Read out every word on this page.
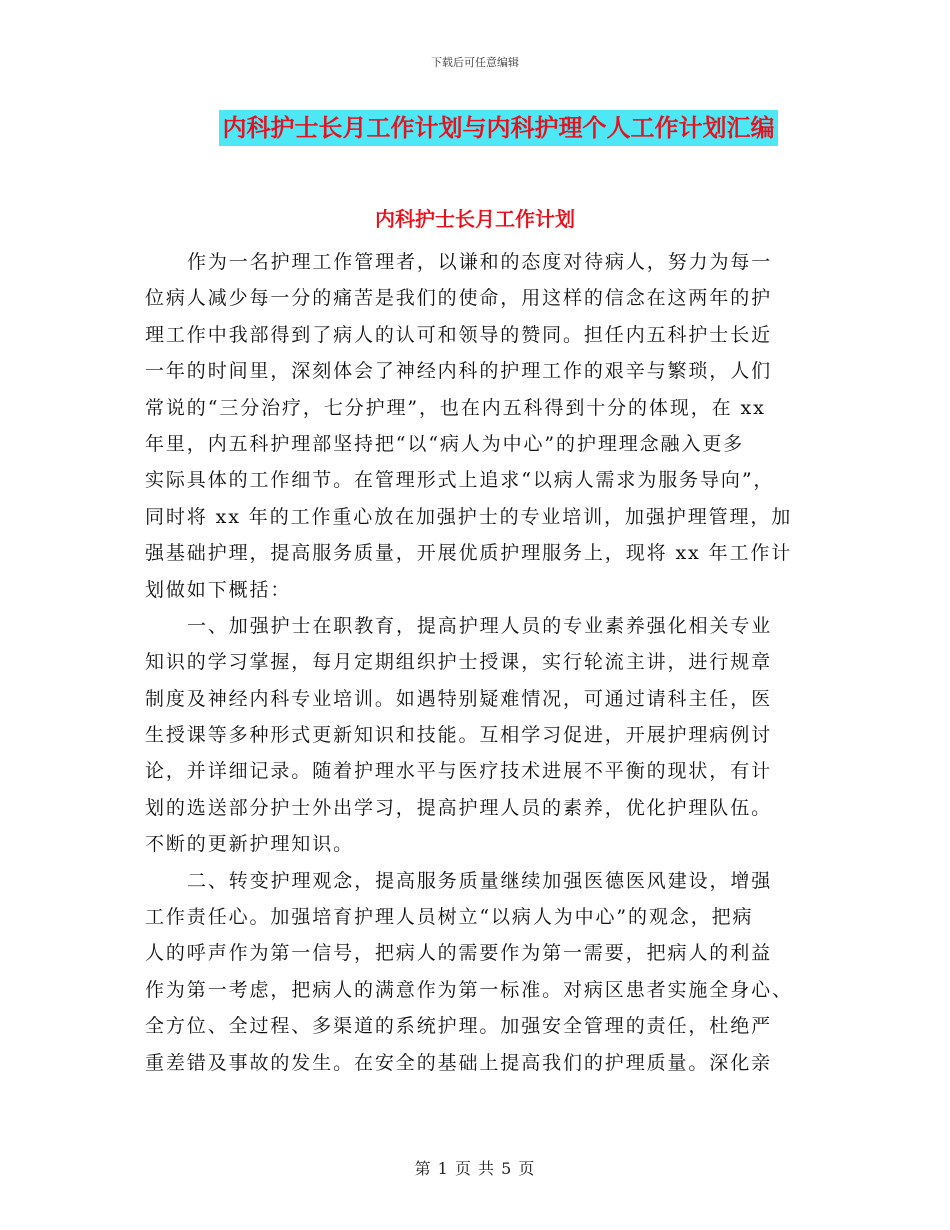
下载后可任意编辑
内科护士长月工作计划与内科护理个人工作计划汇编
内科护士长月工作计划
作为一名护理工作管理者，以谦和的态度对待病人，努力为每一
位病人减少每一分的痛苦是我们的使命，用这样的信念在这两年的护
理工作中我部得到了病人的认可和领导的赞同。担任内五科护士长近
一年的时间里，深刻体会了神经内科的护理工作的艰辛与繁琐，人们
常说的“三分治疗，七分护理”，也在内五科得到十分的体现，在 xx
年里，内五科护理部坚持把“以“病人为中心”的护理理念融入更多
实际具体的工作细节。在管理形式上追求“以病人需求为服务导向”，
同时将 xx 年的工作重心放在加强护士的专业培训，加强护理管理，加
强基础护理，提高服务质量，开展优质护理服务上，现将 xx 年工作计
划做如下概括：
一、加强护士在职教育，提高护理人员的专业素养强化相关专业
知识的学习掌握，每月定期组织护士授课，实行轮流主讲，进行规章
制度及神经内科专业培训。如遇特别疑难情况，可通过请科主任，医
生授课等多种形式更新知识和技能。互相学习促进，开展护理病例讨
论，并详细记录。随着护理水平与医疗技术进展不平衡的现状，有计
划的选送部分护士外出学习，提高护理人员的素养，优化护理队伍。
不断的更新护理知识。
二、转变护理观念，提高服务质量继续加强医德医风建设，增强
工作责任心。加强培育护理人员树立“以病人为中心”的观念，把病
人的呼声作为第一信号，把病人的需要作为第一需要，把病人的利益
作为第一考虑，把病人的满意作为第一标准。对病区患者实施全身心、
全方位、全过程、多渠道的系统护理。加强安全管理的责任，杜绝严
重差错及事故的发生。在安全的基础上提高我们的护理质量。深化亲
第 1 页 共 5 页
